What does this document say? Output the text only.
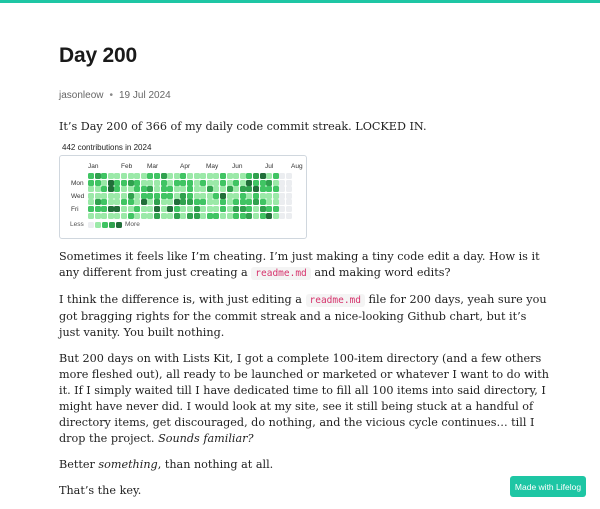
Day 200
jasonleow • 19 Jul 2024

It’s Day 200 of 366 of my daily code commit streak. LOCKED IN.

442 contributions in 2024
Jan	Feb Mar	Apr May Jun	Jul	Aug
Mon
Wed
Fri
Less	More

Sometimes it feels like I’m cheating. I’m just making a tiny code edit a day. How is it any different from just creating a readme.md and making word edits?

I think the difference is, with just editing a readme.md file for 200 days, yeah sure you got bragging rights for the commit streak and a nice-looking Github chart, but it’s just vanity. You built nothing.

But 200 days on with Lists Kit, I got a complete 100-item directory (and a few others more fleshed out), all ready to be launched or marketed or whatever I want to do with it. If I simply waited till I have dedicated time to fill all 100 items into said directory, I might have never did. I would look at my site, see it still being stuck at a handful of directory items, get discouraged, do nothing, and the vicious cycle continues… till I drop the project. Sounds familiar?

Better something, than nothing at all.

That’s the key.	Made with Lifelog
